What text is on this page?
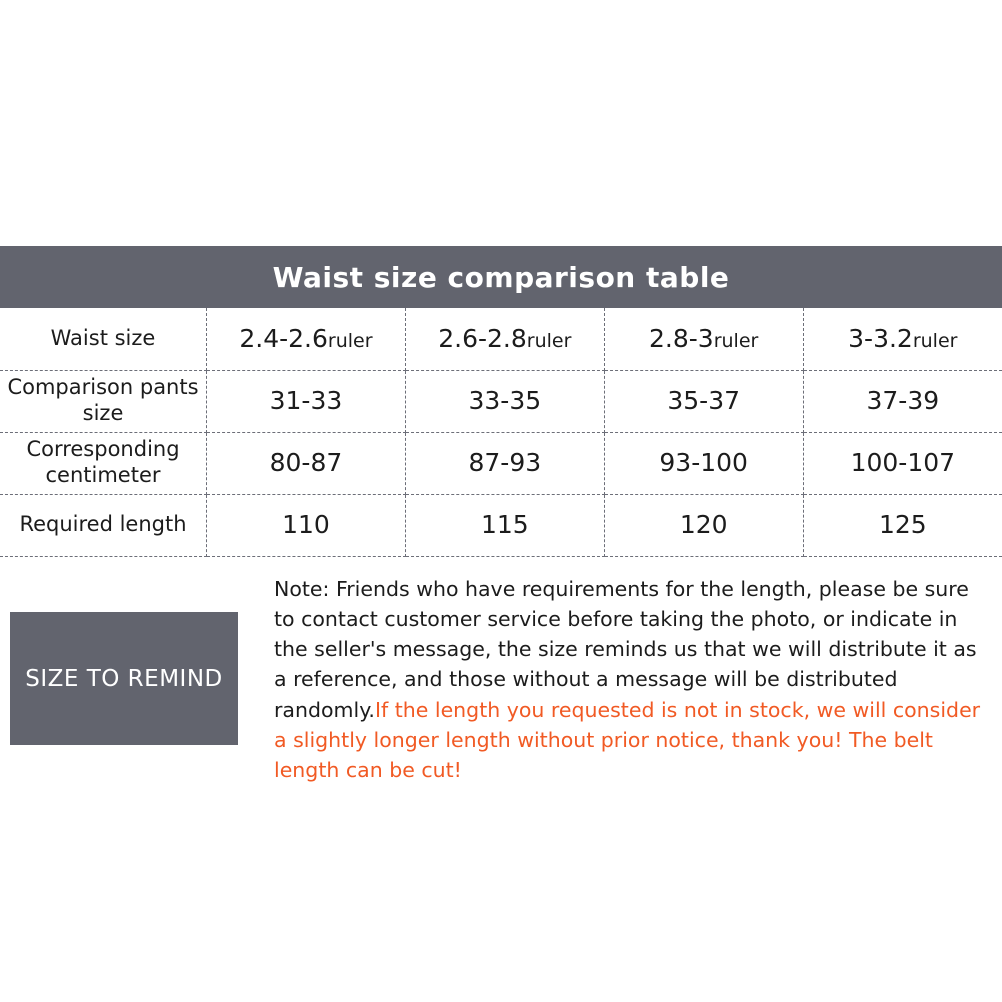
Waist size comparison table
Waist size	2.4-2.6ruler	2.6-2.8ruler	2.8-3ruler	3-3.2ruler
Comparison pants size	31-33	33-35	35-37	37-39
Corresponding centimeter	80-87	87-93	93-100	100-107
Required length	110	115	120	125
SIZE TO REMIND
Note: Friends who have requirements for the length, please be sure to contact customer service before taking the photo, or indicate in the seller's message, the size reminds us that we will distribute it as a reference, and those without a message will be distributed randomly.If the length you requested is not in stock, we will consider a slightly longer length without prior notice, thank you! The belt length can be cut!
